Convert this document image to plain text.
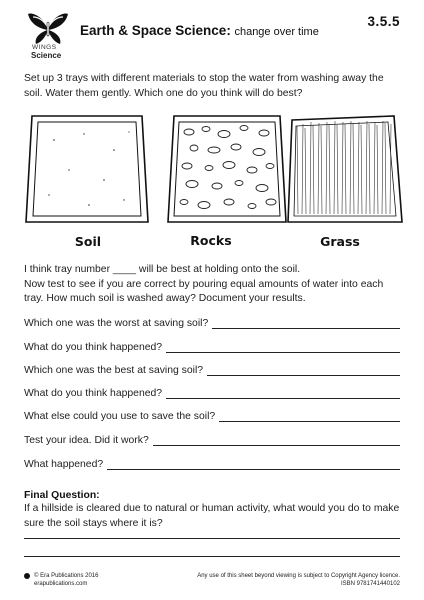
WINGS
Science
Earth & Space Science: change over time
3.5.5
Set up 3 trays with different materials to stop the water from washing away the soil. Water them gently. Which one do you think will do best?
Soil	Rocks	Grass
I think tray number ____ will be best at holding onto the soil.
Now test to see if you are correct by pouring equal amounts of water into each tray. How much soil is washed away? Document your results.
Which one was the worst at saving soil?
What do you think happened?
Which one was the best at saving soil?
What do you think happened?
What else could you use to save the soil?
Test your idea. Did it work?
What happened?
Final Question:
If a hillside is cleared due to natural or human activity, what would you do to make sure the soil stays where it is?
© Era Publications 2016
erapublications.com
Any use of this sheet beyond viewing is subject to Copyright Agency licence.
ISBN 9781741440102
